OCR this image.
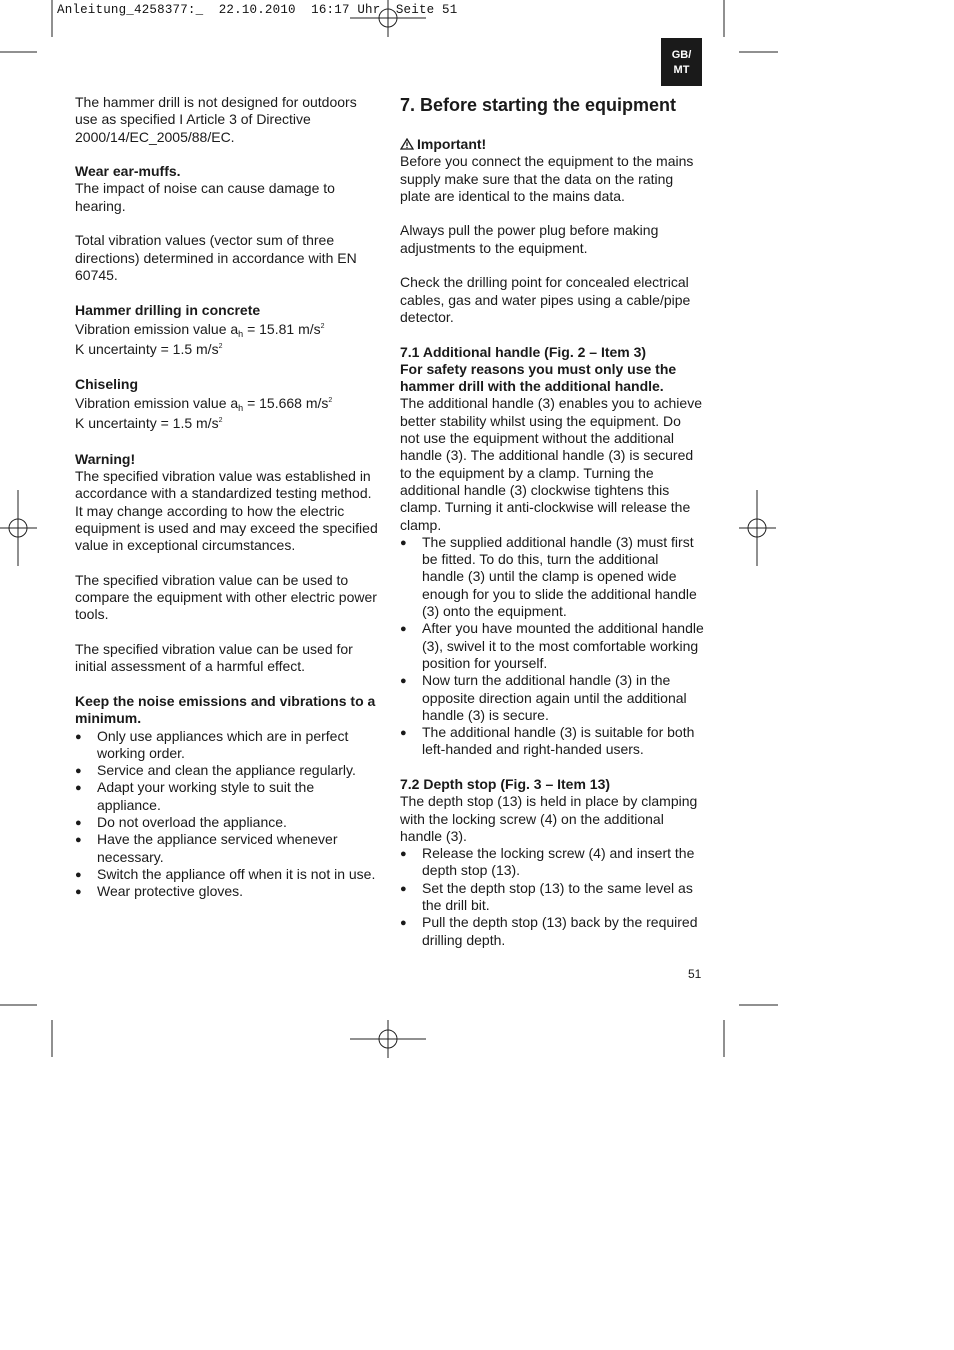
Anleitung_4258377:_  22.10.2010  16:17 Uhr  Seite 51
GB/
MT

The hammer drill is not designed for outdoors use as specified I Article 3 of Directive 2000/14/EC_2005/88/EC.

Wear ear-muffs.

The impact of noise can cause damage to hearing.

Total vibration values (vector sum of three directions) determined in accordance with EN 60745.

Hammer drilling in concrete

Vibration emission value $a_h = 15.81$ $m/s^2$

K uncertainty = 1.5 $m/s^2$

Chiseling

Vibration emission value $a_h = 15.668$ $m/s^2$

K uncertainty = 1.5 $m/s^2$

Warning!

The specified vibration value was established in accordance with a standardized testing method. It may change according to how the electric equipment is used and may exceed the specified value in exceptional circumstances.

The specified vibration value can be used to compare the equipment with other electric power tools.

The specified vibration value can be used for initial assessment of a harmful effect.

Keep the noise emissions and vibrations to a minimum.

● Only use appliances which are in perfect working order.
● Service and clean the appliance regularly.
● Adapt your working style to suit the appliance.
● Do not overload the appliance.
● Have the appliance serviced whenever necessary.
● Switch the appliance off when it is not in use.
● Wear protective gloves.
7. Before starting the equipment

Important!

Before you connect the equipment to the mains supply make sure that the data on the rating plate are identical to the mains data.

Always pull the power plug before making adjustments to the equipment.

Check the drilling point for concealed electrical cables, gas and water pipes using a cable/pipe detector.

7.1 Additional handle (Fig. 2 – Item 3)

For safety reasons you must only use the hammer drill with the additional handle.

The additional handle (3) enables you to achieve better stability whilst using the equipment. Do not use the equipment without the additional handle (3). The additional handle (3) is secured to the equipment by a clamp. Turning the additional handle (3) clockwise tightens this clamp. Turning it anti-clockwise will release the clamp.

● The supplied additional handle (3) must first be fitted. To do this, turn the additional handle (3) until the clamp is opened wide enough for you to slide the additional handle (3) onto the equipment.
● After you have mounted the additional handle (3), swivel it to the most comfortable working position for yourself.
● Now turn the additional handle (3) in the opposite direction again until the additional handle (3) is secure.
● The additional handle (3) is suitable for both left-handed and right-handed users.

7.2 Depth stop (Fig. 3 – Item 13)

The depth stop (13) is held in place by clamping with the locking screw (4) on the additional handle (3).

● Release the locking screw (4) and insert the depth stop (13).
● Set the depth stop (13) to the same level as the drill bit.
● Pull the depth stop (13) back by the required drilling depth.
51
